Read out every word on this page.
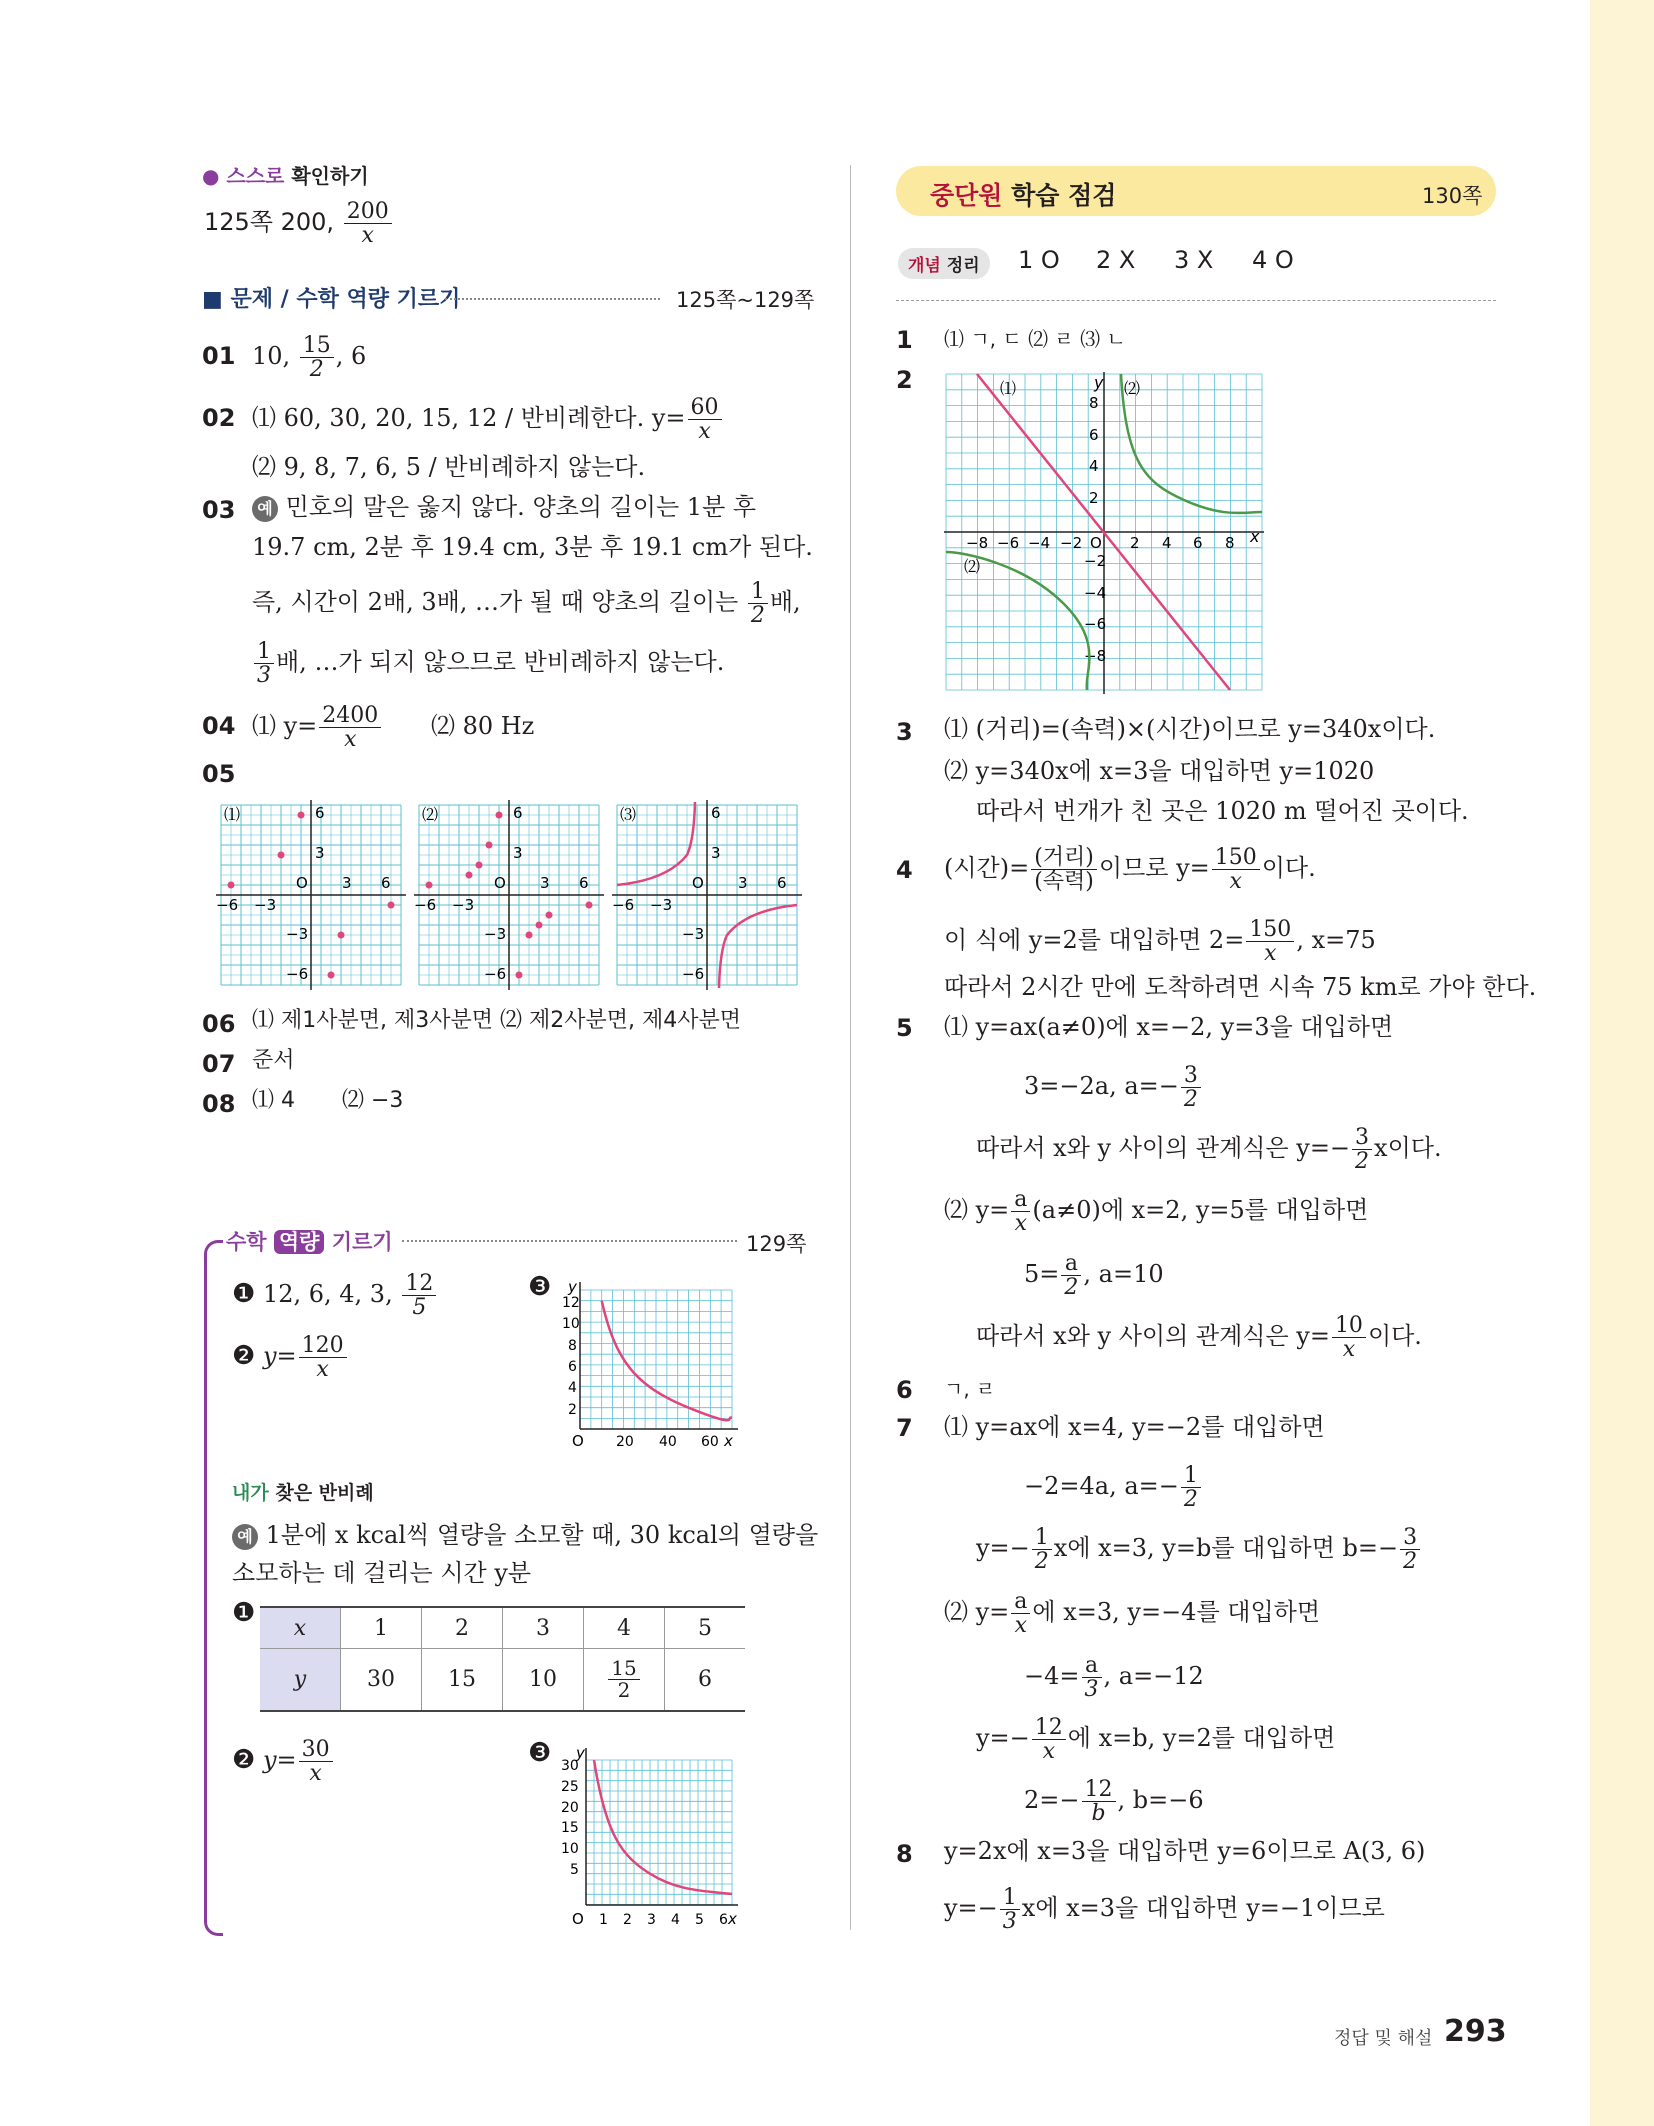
● 스스로 확인하기
125쪽 200, $\frac{200}{x}$
■ 문제 / 수학 역량 기르기	125쪽~129쪽
01 10, $\frac{15}{2}$ , 6
02 ⑴ 60, 30, 20, 15, 12 / 반비례한다. $y= \frac{60}{x}$
⑵ 9, 8, 7, 6, 5 / 반비례하지 않는다.
03	예 민호의 말은 옳지 않다. 양초의 길이는 1분 후
19.7 cm, 2분 후 19.4 cm, 3분 후 19.1 cm가 된다.
즉, 시간이 2배, 3배, …가 될 때 양초의 길이는 $\frac{1}{2}$ 배,
$\frac{1}{3}$ 배, …가 되지 않으므로 반비례하지 않는다.
04 ⑴ $y= \frac{2400}{x}$ ⑵ 80 Hz
05
⑴	6
3
O 3 6
−6 −3
−3
−6
⑵	6
3
O 3 6
−6 −3
−3
−6
⑶	6
3
O 3 6
−6 −3
−3
−6
06 ⑴ 제1사분면, 제3사분면 ⑵ 제2사분면, 제4사분면
07 준서
08 ⑴ 4 ⑵ −3
수학 역량 기르기	129쪽
❶ 12, 6, 4, 3, $\frac{12}{5}$
❷ $y= \frac{120}{x}$
❸ y
12
10
8
6
4
2
O 20 40 60 x
내가 찾은 반비례
예 1분에 x kcal씩 열량을 소모할 때, 30 kcal의 열량을
소모하는 데 걸리는 시간 y분
❶ x	1	2	3	4	5
y	30	15	10	$\frac{15}{2}$	6
❷ $y= \frac{30}{x}$	❸ y
30
25
20
15
10
5
O 1 2 3 4 5 6 x
중단원 학습 점검	130쪽
개념 정리	1 O 2 X 3 X 4 O
1 ⑴ ㄱ, ㄷ ⑵ ㄹ ⑶ ㄴ
2	y
x
8
6
4
2
O 2 4 6 8
−8 −6 −4 −2
−2
−4
−6
−8
⑴	⑵
⑵
3 ⑴ (거리)=(속력)×(시간)이므로 y=340x이다.
⑵ y=340x에 x=3을 대입하면 y=1020
따라서 번개가 친 곳은 1020 m 떨어진 곳이다.
4 (시간)= $\frac{\text{(거리)}}{\text{(속력)}}$ 이므로 $y= \frac{150}{x}$ 이다.
이 식에 y=2를 대입하면 $2= \frac{150}{x}$ , x=75
따라서 2시간 만에 도착하려면 시속 75 km로 가야 한다.
5 ⑴ y=ax(a≠0)에 x=−2, y=3을 대입하면
3=−2a, $a=- \frac{3}{2}$
따라서 x와 y 사이의 관계식은 $y=- \frac{3}{2}$ x이다.
⑵ $y= \frac{a}{x} (a\ne 0)$에 x=2, y=5를 대입하면
$5= \frac{a}{2}$ , a=10
따라서 x와 y 사이의 관계식은 $y= \frac{10}{x}$ 이다.
6 ㄱ, ㄹ
7 ⑴ y=ax에 x=4, y=−2를 대입하면
−2=4a, $a=- \frac{1}{2}$
$y=- \frac{1}{2}$ x에 x=3, y=b를 대입하면 $b=- \frac{3}{2}$
⑵ $y= \frac{a}{x}$ 에 x=3, y=−4를 대입하면
$-4= \frac{a}{3}$ , a=−12
$y=- \frac{12}{x}$ 에 x=b, y=2를 대입하면
$2=- \frac{12}{b}$ , b=−6
8 y=2x에 x=3을 대입하면 y=6이므로 A(3, 6)
$y=- \frac{1}{3}$ x에 x=3을 대입하면 y=−1이므로
정답 및 해설 293
